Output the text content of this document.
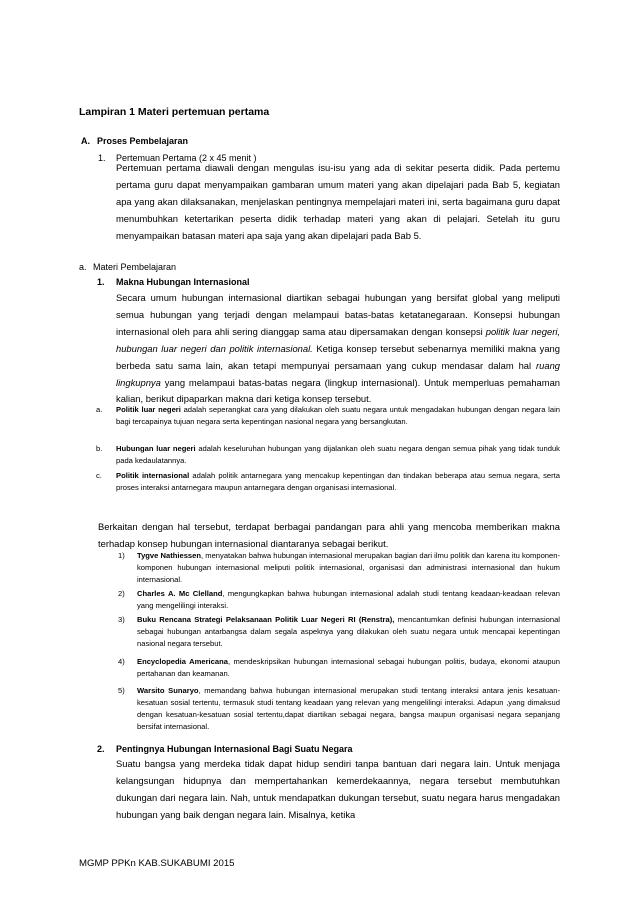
Lampiran 1 Materi pertemuan pertama
A. Proses Pembelajaran
1. Pertemuan Pertama (2 x 45 menit )
Pertemuan pertama diawali dengan mengulas isu-isu yang ada di sekitar peserta didik. Pada pertemu pertama guru dapat menyampaikan gambaran umum materi yang akan dipelajari pada Bab 5, kegiatan apa yang akan dilaksanakan, menjelaskan pentingnya mempelajari materi ini, serta bagaimana guru dapat menumbuhkan ketertarikan peserta didik terhadap materi yang akan di pelajari. Setelah itu guru menyampaikan batasan materi apa saja yang akan dipelajari pada Bab 5.
a. Materi Pembelajaran
1. Makna Hubungan Internasional
Secara umum hubungan internasional diartikan sebagai hubungan yang bersifat global yang meliputi semua hubungan yang terjadi dengan melampaui batas-batas ketatanegaraan. Konsepsi hubungan internasional oleh para ahli sering dianggap sama atau dipersamakan dengan konsepsi politik luar negeri, hubungan luar negeri dan politik internasional. Ketiga konsep tersebut sebenarnya memiliki makna yang berbeda satu sama lain, akan tetapi mempunyai persamaan yang cukup mendasar dalam hal ruang lingkupnya yang melampaui batas-batas negara (lingkup internasional). Untuk memperluas pemahaman kalian, berikut dipaparkan makna dari ketiga konsep tersebut.
a. Politik luar negeri adalah seperangkat cara yang dilakukan oleh suatu negara untuk mengadakan hubungan dengan negara lain bagi tercapainya tujuan negara serta kepentingan nasional negara yang bersangkutan.
b. Hubungan luar negeri adalah keseluruhan hubungan yang dijalankan oleh suatu negara dengan semua pihak yang tidak tunduk pada kedaulatannya.
c. Politik internasional adalah politik antarnegara yang mencakup kepentingan dan tindakan beberapa atau semua negara, serta proses interaksi antarnegara maupun antarnegara dengan organisasi internasional.
Berkaitan dengan hal tersebut, terdapat berbagai pandangan para ahli yang mencoba memberikan makna terhadap konsep hubungan internasional diantaranya sebagai berikut.
1) Tygve Nathiessen, menyatakan bahwa hubungan internasional merupakan bagian dari ilmu politik dan karena itu komponen-komponen hubungan internasional meliputi politik internasional, organisasi dan administrasi internasional dan hukum internasional.
2) Charles A. Mc Clelland, mengungkapkan bahwa hubungan internasional adalah studi tentang keadaan-keadaan relevan yang mengelilingi interaksi.
3) Buku Rencana Strategi Pelaksanaan Politik Luar Negeri RI (Renstra), mencantumkan definisi hubungan internasional sebagai hubungan antarbangsa dalam segala aspeknya yang dilakukan oleh suatu negara untuk mencapai kepentingan nasional negara tersebut.
4) Encyclopedia Americana, mendeskripsikan hubungan internasional sebagai hubungan politis, budaya, ekonomi ataupun pertahanan dan keamanan.
5) Warsito Sunaryo, memandang bahwa hubungan internasional merupakan studi tentang interaksi antara jenis kesatuan-kesatuan sosial tertentu, termasuk studi tentang keadaan yang relevan yang mengelilingi interaksi. Adapun ,yang dimaksud dengan kesatuan-kesatuan sosial tertentu,dapat diartikan sebagai negara, bangsa maupun organisasi negara sepanjang bersifat internasional.
2. Pentingnya Hubungan Internasional Bagi Suatu Negara
Suatu bangsa yang merdeka tidak dapat hidup sendiri tanpa bantuan dari negara lain. Untuk menjaga kelangsungan hidupnya dan mempertahankan kemerdekaannya, negara tersebut membutuhkan dukungan dari negara lain. Nah, untuk mendapatkan dukungan tersebut, suatu negara harus mengadakan hubungan yang baik dengan negara lain. Misalnya, ketika
MGMP PPKn KAB.SUKABUMI 2015
